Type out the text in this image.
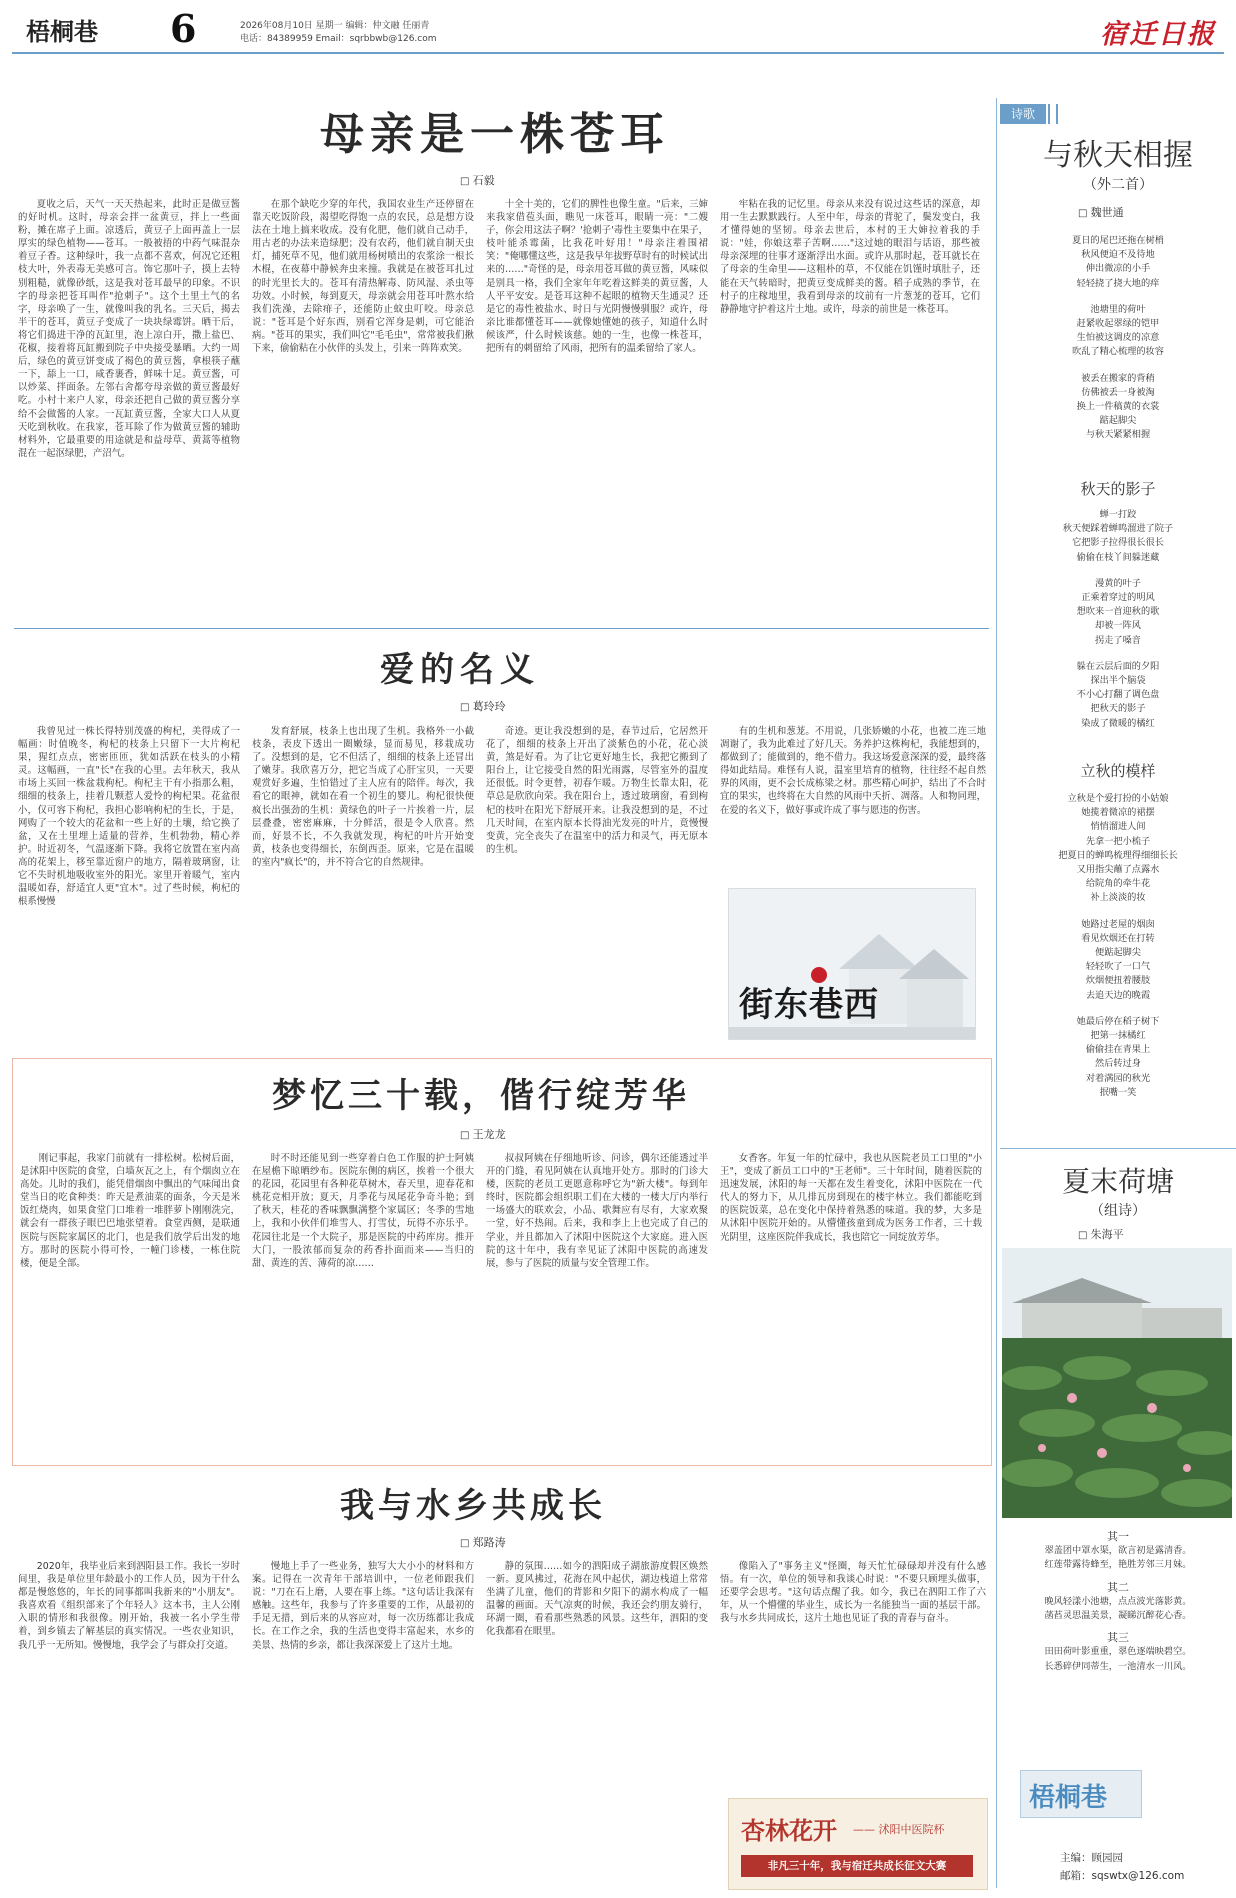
梧桐巷 6	2026年08月10日 星期一 编辑：仲文融 任丽青
电话：84389959 Email：sqrbbwb@126.com	宿迁日报
母亲是一株苍耳
□ 石毅

夏收之后，天气一天天热起来，此时正是做豆酱的好时机。这时，母亲会拌一盆黄豆，拌上一些面粉，摊在席子上面。凉透后，黄豆子上面再盖上一层厚实的绿色植物——苍耳。一般被捂的中药气味混杂着豆子香。这种绿叶，我一点都不喜欢，何况它还粗枝大叶，外表毒无美感可言。饰它那叶子，摸上去特别粗糙，就像砂纸，这是我对苍耳最早的印象。不识字的母亲把苍耳叫作"抢刺子"。这个土里土气的名字，母亲唤了一生，就像叫我的乳名。三天后，揭去半干的苍耳，黄豆子变成了一块块绿霉饼。晒干后，将它们捣进干净的瓦缸里，泡上凉白开，撒上盐巴、花椒，接着将瓦缸搬到院子中央接受暴晒。大约一周后，绿色的黄豆饼变成了褐色的黄豆酱，拿根筷子蘸一下，舔上一口，咸香裹香，鲜味十足。黄豆酱，可以炒菜、拌面条。左邻右舍都夸母亲做的黄豆酱最好吃。小村十来户人家，母亲还把自己做的黄豆酱分享给不会做酱的人家。一瓦缸黄豆酱，全家大口人从夏天吃到秋收。在我家，苍耳除了作为做黄豆酱的辅助材料外，它最重要的用途就是和益母草、黄蒿等植物混在一起沤绿肥，产沼气。

在那个缺吃少穿的年代，我国农业生产还停留在靠天吃饭阶段，渴望吃得饱一点的农民，总是想方设法在土地上搞来收成。没有化肥，他们就自己动手，用古老的办法来造绿肥；没有农药，他们就自制天虫灯，捕死草不见，他们就用杨树喷出的农浆涂一根长木棍，在夜幕中静候奔虫来撞。我就是在被苍耳扎过的时光里长大的。苍耳有清热解毒、防风湿、杀虫等功效。小时候，每到夏天，母亲就会用苍耳叶熬水给我们洗澡，去除痱子，还能防止蚊虫叮咬。母亲总说："苍耳是个好东西，别看它浑身是刺，可它能治病。"苍耳的果实，我们叫它"毛毛虫"，常常被我们揪下来，偷偷粘在小伙伴的头发上，引来一阵阵欢笑。

十全十美的，它们的脾性也像生童。"后来，三婶来我家借苞头面，瞧见一床苍耳，眼睛一亮："二嫂子，你会用这法子啊？'抢刺子'毒性主要集中在果子，枝叶能杀霉菌，比我花叶好用！"母亲注着围裙笑："俺哪懂这些，这是我早年拔野草时有的时候试出来的……"奇怪的是，母亲用苍耳做的黄豆酱，风味似是别具一格，我们全家年年吃着这鲜美的黄豆酱，人人平平安安。是苍耳这种不起眼的植物天生通灵？还是它的毒性被盐水、时日与光阴慢慢驯服？或许，母亲比谁都懂苍耳——就像她懂她的孩子，知道什么时候该严，什么时候该慈。她的一生，也像一株苍耳，把所有的刺留给了风雨，把所有的温柔留给了家人。

牢粘在我的记忆里。母亲从来没有说过这些话的深意，却用一生去默默践行。人至中年，母亲的背驼了，鬓发变白，我才懂得她的坚韧。母亲去世后，本村的王大婶拉着我的手说："娃，你娘这辈子苦啊……"这过她的眼泪与话语，那些被母亲深埋的往事才逐渐浮出水面。或许从那时起，苍耳就长在了母亲的生命里——这粗朴的草，不仅能在饥馑时填肚子，还能在天气转暗时，把黄豆变成鲜美的酱。稻子成熟的季节，在村子的庄稼地里，我看到母亲的坟前有一片葱茏的苍耳，它们静静地守护着这片土地。或许，母亲的前世是一株苍耳。

爱的名义
□ 葛玲玲

我曾见过一株长得特别茂盛的枸杞，美得成了一幅画：时值晚冬，枸杞的枝条上只留下一大片枸杞果，猩红点点，密密匝匝，犹如活跃在枝头的小精灵。这幅画，一直"长"在我的心里。去年秋天，我从市场上买回一株盆栽枸杞。枸杞主干有小指那么粗，细细的枝条上，挂着几颗惹人爱怜的枸杞果。花盆很小，仅可容下枸杞，我担心影响枸杞的生长，于是，网购了一个较大的花盆和一些上好的土壤，给它换了盆，又在土里埋上适量的营养，生机勃勃，精心养护。时近初冬，气温逐渐下降。我将它放置在室内高高的花架上，移至靠近窗户的地方，隔着玻璃窗，让它不失时机地吸收室外的阳光。家里开着暖气，室内温暖如春，舒适宜人更"宜木"。过了些时候，枸杞的根系慢慢

发育舒展，枝条上也出现了生机。我格外一小截枝条，表皮下透出一圈嫩绿，显而易见，移栽成功了。没想到的是，它不但活了，细细的枝条上还冒出了嫩芽。我欣喜万分，把它当成了心肝宝贝，一天要观赏好多遍，生怕错过了主人应有的陪伴。每次，我看它的眼神，就如在看一个初生的婴儿。枸杞很快便疯长出强劲的生机：黄绿色的叶子一片挨着一片，层层叠叠，密密麻麻，十分鲜活，很是令人欣喜。然而，好景不长，不久我就发现，枸杞的叶片开始变黄，枝条也变得细长，东倒西歪。原来，它是在温暖的室内"疯长"的，并不符合它的自然规律。

奇迹。更让我没想到的是，春节过后，它居然开花了，细细的枝条上开出了淡紫色的小花，花心淡黄，煞是好看。为了让它更好地生长，我把它搬到了阳台上，让它接受自然的阳光雨露，尽管室外的温度还很低。时令更替，初春乍暖。万物生长靠太阳，花草总是欣欣向荣。我在阳台上，透过玻璃窗，看到枸杞的枝叶在阳光下舒展开来。让我没想到的是，不过几天时间，在室内原本长得油光发亮的叶片，竟慢慢变黄，完全丧失了在温室中的活力和灵气，再无原本的生机。

有的生机和葱茏。不用说，几张娇嫩的小花，也被二连三地凋谢了，我为此难过了好几天。务养护这株枸杞，我能想到的，都做到了；能做到的，绝不借力。我这场爱意深深的爱，最终落得如此结局。难怪有人说，温室里培育的植物，往往经不起自然界的风雨，更不会长成栋梁之材。那些精心呵护，结出了不合时宜的果实，也终将在大自然的风雨中夭折、凋落。人和物同理，在爱的名义下，做好事或许成了事与愿违的伤害。

街东巷西
梦忆三十载，偕行绽芳华
□ 王龙龙

刚记事起，我家门前就有一排松树。松树后面，是沭阳中医院的食堂，白墙灰瓦之上，有个烟囱立在高处。儿时的我们，能凭借烟囱中飘出的气味闻出食堂当日的吃食种类：昨天是煮油菜的面条，今天是米饭红烧肉，如果食堂门口堆着一堆胖萝卜刚刚洗完，就会有一群孩子眼巴巴地张望着。食堂西侧，是联通医院与医院家属区的北门，也是我们放学后出发的地方。那时的医院小得可怜，一幢门诊楼，一栋住院楼，便是全部。

时不时还能见到一些穿着白色工作服的护士阿姨在屋檐下晾晒纱布。医院东侧的病区，挨着一个很大的花园，花园里有各种花草树木，春天里，迎春花和桃花竞相开放；夏天，月季花与凤尾花争奇斗艳；到了秋天，桂花的香味飘飘满整个家属区；冬季的雪地上，我和小伙伴们堆雪人、打雪仗，玩得不亦乐乎。花园往北是一个大院子，那是医院的中药库房。推开大门，一股浓郁而复杂的药香扑面而来——当归的甜、黄连的苦、薄荷的凉……

叔叔阿姨在仔细地听诊、问诊，偶尔还能透过半开的门缝，看见阿姨在认真地开处方。那时的门诊大楼，医院的老员工更愿意称呼它为"新大楼"。每到年终时，医院都会组织职工们在大楼的一楼大厅内举行一场盛大的联欢会，小品、歌舞应有尽有，大家欢聚一堂，好不热闹。后来，我和李上上也完成了自己的学业，并且都加入了沭阳中医院这个大家庭。进入医院的这十年中，我有幸见证了沭阳中医院的高速发展，参与了医院的质量与安全管理工作。

女香客。年复一年的忙碌中，我也从医院老员工口里的"小王"，变成了新员工口中的"王老师"。三十年时间，随着医院的迅速发展，沭阳的每一天都在发生着变化，沭阳中医院在一代代人的努力下，从几排瓦房到现在的楼宇林立。我们都能吃到的医院饭菜，总在变化中保持着熟悉的味道。我的梦，大多是从沭阳中医院开始的。从懵懂孩童到成为医务工作者，三十载光阴里，这座医院伴我成长，我也陪它一同绽放芳华。

我与水乡共成长
□ 郑路涛

2020年，我毕业后来到泗阳县工作。我长一岁时间里，我是单位里年龄最小的工作人员，因为干什么都是慢悠悠的，年长的同事都叫我新来的"小朋友"。我喜欢看《组织部来了个年轻人》这本书，主人公刚入职的情形和我很像。刚开始，我被一名小学生带着，到乡镇去了解基层的真实情况。一些农业知识，我几乎一无所知。慢慢地，我学会了与群众打交道。

慢地上手了一些业务，独写大大小小的材料和方案。记得在一次青年干部培训中，一位老师跟我们说："刀在石上磨，人要在事上练。"这句话让我深有感触。这些年，我参与了许多重要的工作，从最初的手足无措，到后来的从容应对，每一次历练都让我成长。在工作之余，我的生活也变得丰富起来，水乡的美景、热情的乡亲，都让我深深爱上了这片土地。

静的氛围……如今的泗阳成子湖旅游度假区焕然一新。夏风拂过，花海在风中起伏，湖边栈道上常常坐满了儿童，他们的背影和夕阳下的湖水构成了一幅温馨的画面。天气凉爽的时候，我还会约朋友骑行，环湖一圈，看看那些熟悉的风景。这些年，泗阳的变化我都看在眼里。

像陷入了"事务主义"怪圈，每天忙忙碌碌却并没有什么感悟。有一次，单位的领导和我谈心时说："不要只顾埋头做事，还要学会思考。"这句话点醒了我。如今，我已在泗阳工作了六年，从一个懵懂的毕业生，成长为一名能独当一面的基层干部。我与水乡共同成长，这片土地也见证了我的青春与奋斗。

杏林花开 —— 沭阳中医院杯
非凡三十年，我与宿迁共成长征文大赛
诗歌
与秋天相握
（外二首）
□ 魏世通
夏日的尾巴还拖在树梢
秋风便迫不及待地
伸出微凉的小手
轻轻挠了挠大地的痒
池塘里的荷叶
赶紧收起翠绿的铠甲
生怕被这调皮的凉意
吹乱了精心梳理的妆容
被丢在搬家的背稍
仿佛被丢一身被淘
换上一件稿黄的衣裳
踮起脚尖
与秋天紧紧相握
秋天的影子
蝉一打跤
秋天便踩着蝉鸣溜进了院子
它把影子拉得很长很长
偷偷在枝丫间躲迷藏
漫黄的叶子
正乘着穿过的明风
想吹来一首迎秋的歌
却被一阵风
拐走了嗓音
躲在云层后面的夕阳
探出半个脑袋
不小心打翻了调色盘
把秋天的影子
染成了微暖的橘红
立秋的模样
立秋是个爱打扮的小姑娘
她揽着微凉的裙摆
悄悄溜进人间
先拿一把小梳子
把夏日的蝉鸣梳理得细细长长
又用指尖蘸了点露水
给院角的牵牛花
补上淡淡的妆
她路过老屋的烟囱
看见炊烟还在打转
便踮起脚尖
轻轻吹了一口气
炊烟便扭着腰肢
去追天边的晚霞
她最后停在稻子树下
把第一抹橘红
偷偷挂在青果上
然后转过身
对着满园的秋光
抿嘴一笑
夏末荷塘
（组诗）
□ 朱海平
其一
翠盖团中罩水渠，欲言初是露清香。
红莲带露待蜂至，艳胜芳邻三月妹。
其二
晚风轻漾小池塘，点点波光落影黄。
菡萏灵思温美景，凝睇沉醉花心香。
其三
田田荷叶影重重，翠色逐端映碧空。
长悉碎伊同蒂生，一池清水一川风。
梧桐巷
主编：顾园园
邮箱：sqswtx@126.com
